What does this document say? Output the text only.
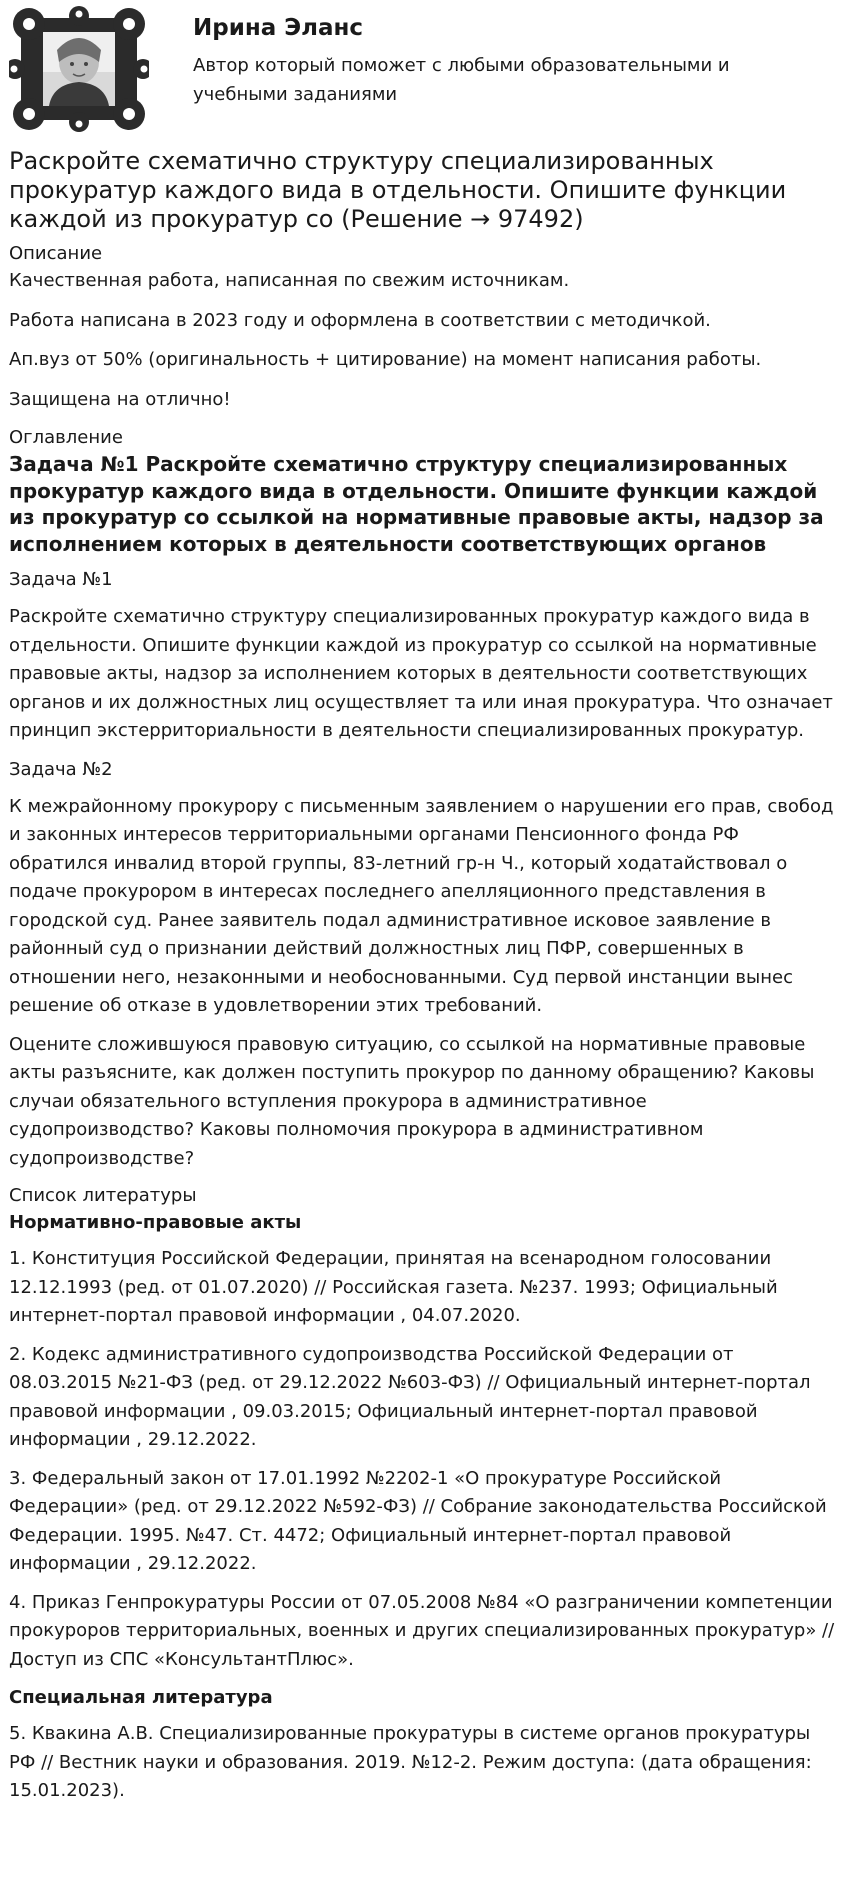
Ирина Эланс
Автор который поможет с любыми образовательными и учебными заданиями
Раскройте схематично структуру специализированных прокуратур каждого вида в отдельности. Опишите функции каждой из прокуратур со (Решение → 97492)
Описание

Качественная работа, написанная по свежим источникам.

Работа написана в 2023 году и оформлена в соответствии с методичкой.

Ап.вуз от 50% (оригинальность + цитирование) на момент написания работы.

Защищена на отлично!

Оглавление
Задача №1 Раскройте схематично структуру специализированных прокуратур каждого вида в отдельности. Опишите функции каждой из прокуратур со ссылкой на нормативные правовые акты, надзор за исполнением которых в деятельности соответствующих органов
Задача №1

Раскройте схематично структуру специализированных прокуратур каждого вида в отдельности. Опишите функции каждой из прокуратур со ссылкой на нормативные правовые акты, надзор за исполнением которых в деятельности соответствующих органов и их должностных лиц осуществляет та или иная прокуратура. Что означает принцип экстерриториальности в деятельности специализированных прокуратур.

Задача №2

К межрайонному прокурору с письменным заявлением о нарушении его прав, свобод и законных интересов территориальными органами Пенсионного фонда РФ обратился инвалид второй группы, 83-летний гр-н Ч., который ходатайствовал о подаче прокурором в интересах последнего апелляционного представления в городской суд. Ранее заявитель подал административное исковое заявление в районный суд о признании действий должностных лиц ПФР, совершенных в отношении него, незаконными и необоснованными. Суд первой инстанции вынес решение об отказе в удовлетворении этих требований.

Оцените сложившуюся правовую ситуацию, со ссылкой на нормативные правовые акты разъясните, как должен поступить прокурор по данному обращению? Каковы случаи обязательного вступления прокурора в административное судопроизводство? Каковы полномочия прокурора в административном судопроизводстве?

Список литературы
Нормативно-правовые акты

1. Конституция Российской Федерации, принятая на всенародном голосовании 12.12.1993 (ред. от 01.07.2020) // Российская газета. №237. 1993; Официальный интернет-портал правовой информации , 04.07.2020.

2. Кодекс административного судопроизводства Российской Федерации от 08.03.2015 №21-ФЗ (ред. от 29.12.2022 №603-ФЗ) // Официальный интернет-портал правовой информации , 09.03.2015; Официальный интернет-портал правовой информации , 29.12.2022.

3. Федеральный закон от 17.01.1992 №2202-1 «О прокуратуре Российской Федерации» (ред. от 29.12.2022 №592-ФЗ) // Собрание законодательства Российской Федерации. 1995. №47. Ст. 4472; Официальный интернет-портал правовой информации , 29.12.2022.

4. Приказ Генпрокуратуры России от 07.05.2008 №84 «О разграничении компетенции прокуроров территориальных, военных и других специализированных прокуратур» // Доступ из СПС «КонсультантПлюс».

Специальная литература

5. Квакина А.В. Специализированные прокуратуры в системе органов прокуратуры РФ // Вестник науки и образования. 2019. №12-2. Режим доступа: (дата обращения: 15.01.2023).
